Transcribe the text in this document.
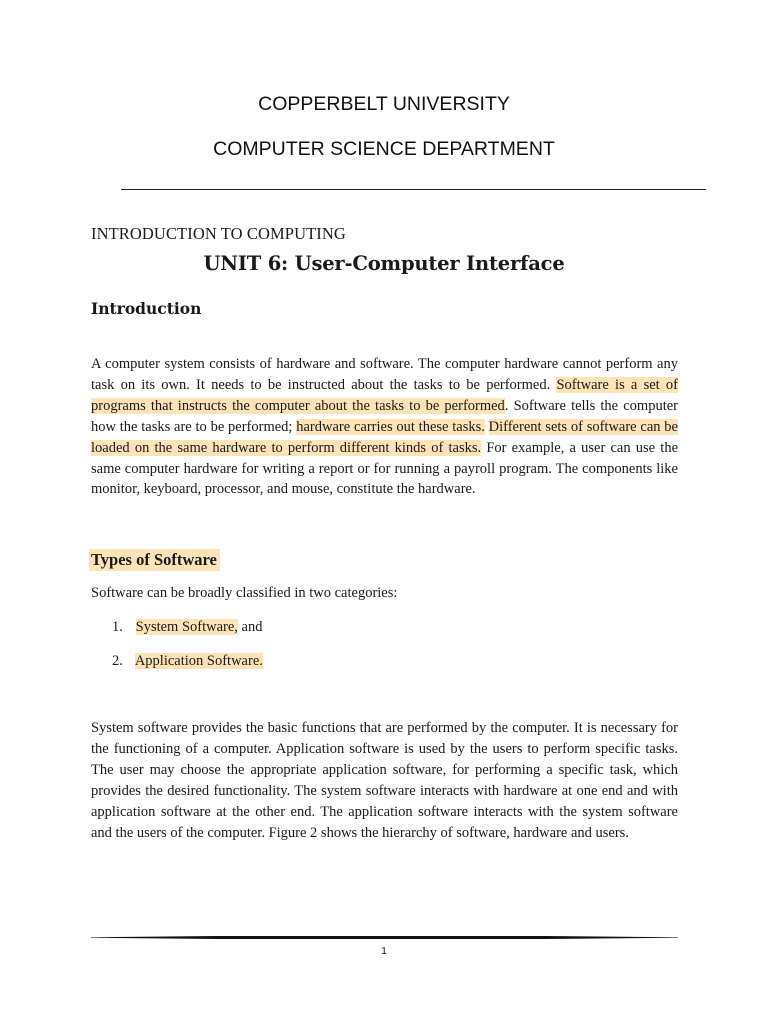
COPPERBELT UNIVERSITY
COMPUTER SCIENCE DEPARTMENT
INTRODUCTION TO COMPUTING
UNIT 6: User-Computer Interface
Introduction
A computer system consists of hardware and software. The computer hardware cannot perform any task on its own. It needs to be instructed about the tasks to be performed. Software is a set of programs that instructs the computer about the tasks to be performed. Software tells the computer how the tasks are to be performed; hardware carries out these tasks. Different sets of software can be loaded on the same hardware to perform different kinds of tasks. For example, a user can use the same computer hardware for writing a report or for running a payroll program. The components like monitor, keyboard, processor, and mouse, constitute the hardware.
Types of Software
Software can be broadly classified in two categories:
1. System Software, and
2. Application Software.
System software provides the basic functions that are performed by the computer. It is necessary for the functioning of a computer. Application software is used by the users to perform specific tasks. The user may choose the appropriate application software, for performing a specific task, which provides the desired functionality. The system software interacts with hardware at one end and with application software at the other end. The application software interacts with the system software and the users of the computer. Figure 2 shows the hierarchy of software, hardware and users.
1
